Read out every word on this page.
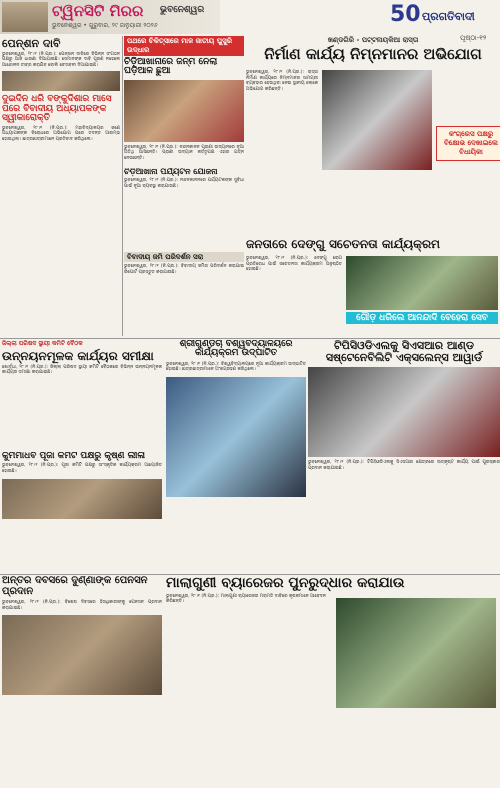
ଟ୍ୱିନସିଟି ମିରର ଭୁବନେଶ୍ୱର
ଭୁବନେଶ୍ୱର • ଗୁରୁବାର, ୨୯ ଜାନୁୟାରୀ ୨୦୨୬	50 ପ୍ରଗତିବାଦୀ
ପୃଷ୍ଠା-୧୨
ପେନ୍‌ଶନ ଦାବି
ଭୁବନେଶ୍ୱର, ୨୮।୧ (ନି.ପ୍ର.): ପେନ୍‌ଶନ ଦାବିରେ ବିଭିନ୍ନ ସଂଗଠନ ପକ୍ଷରୁ ଆଜି ଧାରଣା ଦିଆଯାଇଛି। ସେମାନଙ୍କ ଦାବି ପୂରଣ ନହେଲେ ଆନ୍ଦୋଳନ ତୀବ୍ର କରାଯିବ ବୋଲି ଚେତାବନୀ ଦିଆଯାଇଛି।
ଦୁଇଦିନ ଧରି ବଙ୍କୁଦିଶାର ମାସେ ପରେ ବିବାଦୀୟ ଅଧ୍ୟାପକଙ୍କ ସ୍ୱୀକାରୋକ୍ତି
ଭୁବନେଶ୍ୱର, ୨୮।୧ (ନି.ପ୍ର.): ମହାବିଦ୍ୟାଳୟର ଜଣେ ଅଧ୍ୟାପକଙ୍କ ବିରୋଧରେ ଅଭିଯୋଗ ପରେ ତଦନ୍ତ ଆରମ୍ଭ ହୋଇଥିଲା। ଛାତ୍ରଛାତ୍ରୀମାନେ ପ୍ରତିବାଦ କରିଥିଲେ।
ପଥରେ ଚିକିତ୍ସାରେ ମାଳ ଜାତୀୟ ଘୁସୁରି ଉଦ୍ଧାର
ଚିଡ଼ିଆଖାନାରେ ଜନ୍ମ ନେଲା ଘଡ଼ିଆଳ ଛୁଆ
ଭୁବନେଶ୍ୱର, ୨୮।୧ (ନି.ପ୍ର.): ନନ୍ଦନକାନନ ପ୍ରାଣୀ ଉଦ୍ୟାନରେ ନୂଆ ଅତିଥି ଆସିଛନ୍ତି। ପ୍ରାଣୀ ଉଦ୍ୟାନ କର୍ତ୍ତୃପକ୍ଷ ଏହାର ଯତ୍ନ ନେଉଛନ୍ତି।
ଖଣ୍ଡଗିରି - ପଟ୍ଟନାୟକିଆ ରାସ୍ତା
ନିର୍ମାଣ କାର୍ଯ୍ୟ ନିମ୍ନମାନର ଅଭିଯୋଗ
ଭୁବନେଶ୍ୱର, ୨୮।୧ (ନି.ପ୍ର.): ରାସ୍ତା ନିର୍ମାଣ କାର୍ଯ୍ୟରେ ନିମ୍ନମାନର ସାମଗ୍ରୀ ବ୍ୟବହାର ହେଉଥିବା ନେଇ ସ୍ଥାନୀୟ ଲୋକେ ଅଭିଯୋଗ କରିଛନ୍ତି।
କଂଗ୍ରେସ ପକ୍ଷରୁ ବିକ୍ଷୋଭ ଦେଖାଇଲେ ବିଧାୟିକା
ଚିଡ଼ିଆଖାନା ପର୍ଯ୍ୟଟନ ଯୋଜନା
ଭୁବନେଶ୍ୱର, ୨୮।୧ (ନି.ପ୍ର.): ନନ୍ଦନକାନନରେ ପର୍ଯ୍ୟଟକଙ୍କ ସୁବିଧା ପାଇଁ ନୂଆ ବ୍ୟବସ୍ଥା କରାଯାଉଛି।
ଜନତାରେ ଦେଙ୍ଗୁ ସଚେତନତା କାର୍ଯ୍ୟକ୍ରମ
ଭୁବନେଶ୍ୱର, ୨୮।୧ (ନି.ପ୍ର.): ଦେଙ୍ଗୁ ରୋଗ ପ୍ରତିରୋଧ ପାଇଁ ସଚେତନତା କାର୍ଯ୍ୟକ୍ରମ ଅନୁଷ୍ଠିତ ହୋଇଛି।
ଗୌଡ଼ ଧରିଲେ ଆନନ୍ଦାଦି ବେହେରା ସେବ
ବିବାଦୀୟ ଜମି ପରିଦର୍ଶନ ସରା
ଭୁବନେଶ୍ୱର, ୨୮।୧ (ନି.ପ୍ର.): ବିବାଦୀୟ ଜମିର ପରିଦର୍ଶନ କରାଯାଇ ରିପୋର୍ଟ ପ୍ରସ୍ତୁତ କରାଯାଉଛି।
ଜିଲ୍ଲା ପରିଷଦ ସ୍ଥାୟୀ କମିଟି ବୈଠକ
ଉନ୍ନୟନମୂଳକ କାର୍ଯ୍ୟର ସମୀକ୍ଷା
ଖୋର୍ଦ୍ଧା, ୨୮।୧ (ନି.ପ୍ର.): ଜିଲ୍ଲା ପରିଷଦ ସ୍ଥାୟୀ କମିଟି ବୈଠକରେ ବିଭିନ୍ନ ଉନ୍ନୟନମୂଳକ କାର୍ଯ୍ୟର ସମୀକ୍ଷା କରାଯାଇଛି।
କୁର୍ମିମାଧବ ପୂଜା କମିଟି ପକ୍ଷରୁ କୃଷ୍ଣ ଲୀଳା
ଭୁବନେଶ୍ୱର, ୨୮।୧ (ନି.ପ୍ର.): ପୂଜା କମିଟି ପକ୍ଷରୁ ସାଂସ୍କୃତିକ କାର୍ଯ୍ୟକ୍ରମ ଆୟୋଜିତ ହୋଇଛି।
ଶ୍ରୀଗୁଣ୍ଡିଚା ବିଶ୍ୱବିଦ୍ୟାଳୟରେ କାର୍ଯ୍ୟକ୍ରମ ଉଦ୍‌ଘାଟିତ
ଭୁବନେଶ୍ୱର, ୨୮।୧ (ନି.ପ୍ର.): ବିଶ୍ୱବିଦ୍ୟାଳୟରେ ନୂଆ କାର୍ଯ୍ୟକ୍ରମ ଉଦ୍‌ଘାଟିତ ହୋଇଛି। ଛାତ୍ରଛାତ୍ରୀମାନେ ଅଂଶଗ୍ରହଣ କରିଥିଲେ।
ଟିପିସିଓଡିଏଲକୁ ସିଏସଆର ଆଣ୍ଡ ସଷ୍ଟେନେବିଲିଟି ଏକ୍ସଲେନ୍ସ ଆୱାର୍ଡ
ଭୁବନେଶ୍ୱର, ୨୮।୧ (ନି.ପ୍ର.): ଟିପିସିଓଡିଏଲକୁ ସିଏସଆର କ୍ଷେତ୍ରରେ ଉତ୍କୃଷ୍ଟ କାର୍ଯ୍ୟ ପାଇଁ ପୁରସ୍କାର ପ୍ରଦାନ କରାଯାଇଛି।
ଅନ୍ତର ଦିବସରେ ଦୁର୍ଣ୍ଣାଙ୍କ ପେନସନ ପ୍ରଦାନ
ଭୁବନେଶ୍ୱର, ୨୮।୧ (ନି.ପ୍ର.): ବିଶେଷ ଦିବସରେ ହିତାଧିକାରୀଙ୍କୁ ପେନସନ ପ୍ରଦାନ କରାଯାଇଛି।
ମାଲାଗୁଣୀ ବ୍ୟାରେଜର ପୁନରୁଦ୍ଧାର କରାଯାଉ
ଭୁବନେଶ୍ୱର, ୨୮।୧ (ନି.ପ୍ର.): ମାଲାଗୁଣୀ ବ୍ୟାରେଜର ମରାମତି ଦାବିରେ କୃଷକମାନେ ଆବେଦନ କରିଛନ୍ତି।
